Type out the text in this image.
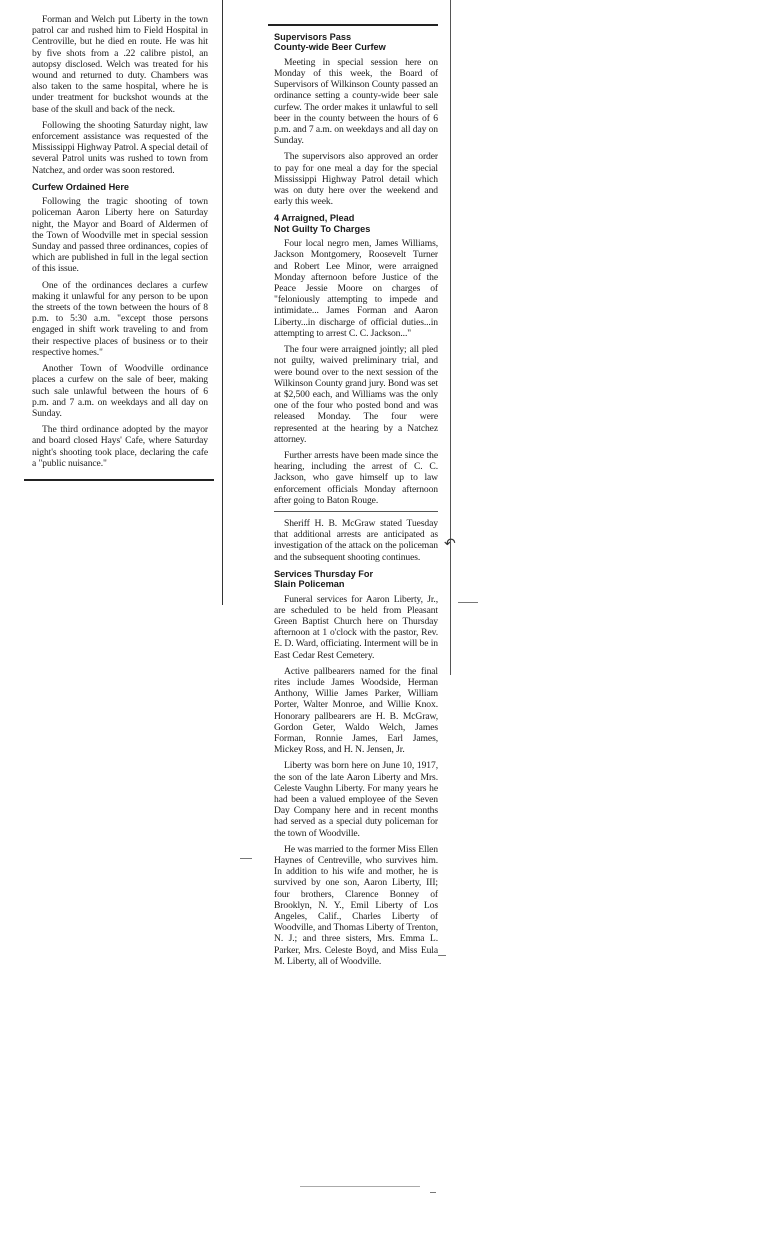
Forman and Welch put Liberty in the town patrol car and rushed him to Field Hospital in Centroville, but he died en route. He was hit by five shots from a .22 calibre pistol, an autopsy disclosed. Welch was treated for his wound and returned to duty. Chambers was also taken to the same hospital, where he is under treatment for buckshot wounds at the base of the skull and back of the neck.

Following the shooting Saturday night, law enforcement assistance was requested of the Mississippi Highway Patrol. A special detail of several Patrol units was rushed to town from Natchez, and order was soon restored.

Curfew Ordained Here

Following the tragic shooting of town policeman Aaron Liberty here on Saturday night, the Mayor and Board of Aldermen of the Town of Woodville met in special session Sunday and passed three ordinances, copies of which are published in full in the legal section of this issue.

One of the ordinances declares a curfew making it unlawful for any person to be upon the streets of the town between the hours of 8 p.m. to 5:30 a.m. "except those persons engaged in shift work traveling to and from their respective places of business or to their respective homes."

Another Town of Woodville ordinance places a curfew on the sale of beer, making such sale unlawful between the hours of 6 p.m. and 7 a.m. on weekdays and all day on Sunday.

The third ordinance adopted by the mayor and board closed Hays' Cafe, where Saturday night's shooting took place, declaring the cafe a "public nuisance."

Supervisors Pass
County-wide Beer Curfew

Meeting in special session here on Monday of this week, the Board of Supervisors of Wilkinson County passed an ordinance setting a county-wide beer sale curfew. The order makes it unlawful to sell beer in the county between the hours of 6 p.m. and 7 a.m. on weekdays and all day on Sunday.

The supervisors also approved an order to pay for one meal a day for the special Mississippi Highway Patrol detail which was on duty here over the weekend and early this week.

4 Arraigned, Plead
Not Guilty To Charges

Four local negro men, James Williams, Jackson Montgomery, Roosevelt Turner and Robert Lee Minor, were arraigned Monday afternoon before Justice of the Peace Jessie Moore on charges of "feloniously attempting to impede and intimidate... James Forman and Aaron Liberty...in discharge of official duties...in attempting to arrest C. C. Jackson..."

The four were arraigned jointly; all pled not guilty, waived preliminary trial, and were bound over to the next session of the Wilkinson County grand jury. Bond was set at $2,500 each, and Williams was the only one of the four who posted bond and was released Monday. The four were represented at the hearing by a Natchez attorney.

Further arrests have been made since the hearing, including the arrest of C. C. Jackson, who gave himself up to law enforcement officials Monday afternoon after going to Baton Rouge.

Sheriff H. B. McGraw stated Tuesday that additional arrests are anticipated as investigation of the attack on the policeman and the subsequent shooting continues.

Services Thursday For
Slain Policeman

Funeral services for Aaron Liberty, Jr., are scheduled to be held from Pleasant Green Baptist Church here on Thursday afternoon at 1 o'clock with the pastor, Rev. E. D. Ward, officiating. Interment will be in East Cedar Rest Cemetery.

Active pallbearers named for the final rites include James Woodside, Herman Anthony, Willie James Parker, William Porter, Walter Monroe, and Willie Knox. Honorary pallbearers are H. B. McGraw, Gordon Geter, Waldo Welch, James Forman, Ronnie James, Earl James, Mickey Ross, and H. N. Jensen, Jr.

Liberty was born here on June 10, 1917, the son of the late Aaron Liberty and Mrs. Celeste Vaughn Liberty. For many years he had been a valued employee of the Seven Day Company here and in recent months had served as a special duty policeman for the town of Woodville.

He was married to the former Miss Ellen Haynes of Centreville, who survives him. In addition to his wife and mother, he is survived by one son, Aaron Liberty, III; four brothers, Clarence Bonney of Brooklyn, N. Y., Emil Liberty of Los Angeles, Calif., Charles Liberty of Woodville, and Thomas Liberty of Trenton, N. J.; and three sisters, Mrs. Emma L. Parker, Mrs. Celeste Boyd, and Miss Eula M. Liberty, all of Woodville.

↶
